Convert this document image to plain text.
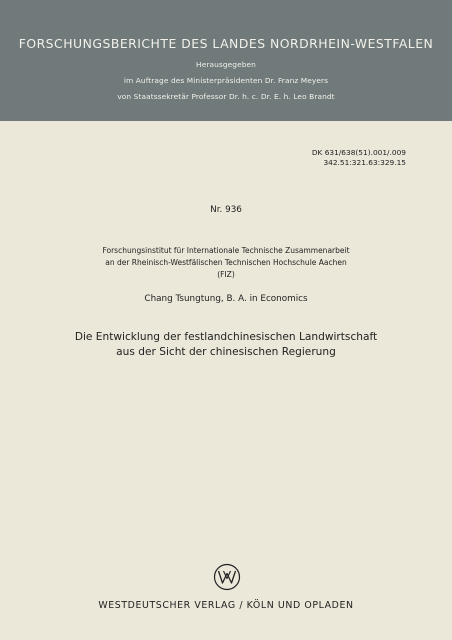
FORSCHUNGSBERICHTE DES LANDES NORDRHEIN-WESTFALEN
Herausgegeben
im Auftrage des Ministerpräsidenten Dr. Franz Meyers
von Staatssekretär Professor Dr. h. c. Dr. E. h. Leo Brandt
DK 631/638(51).001/.009
342.51:321.63:329.15
Nr. 936
Forschungsinstitut für Internationale Technische Zusammenarbeit
an der Rheinisch-Westfälischen Technischen Hochschule Aachen
(FIZ)
Chang Tsungtung, B. A. in Economics
Die Entwicklung der festlandchinesischen Landwirtschaft
aus der Sicht der chinesischen Regierung
WESTDEUTSCHER VERLAG / KÖLN UND OPLADEN
